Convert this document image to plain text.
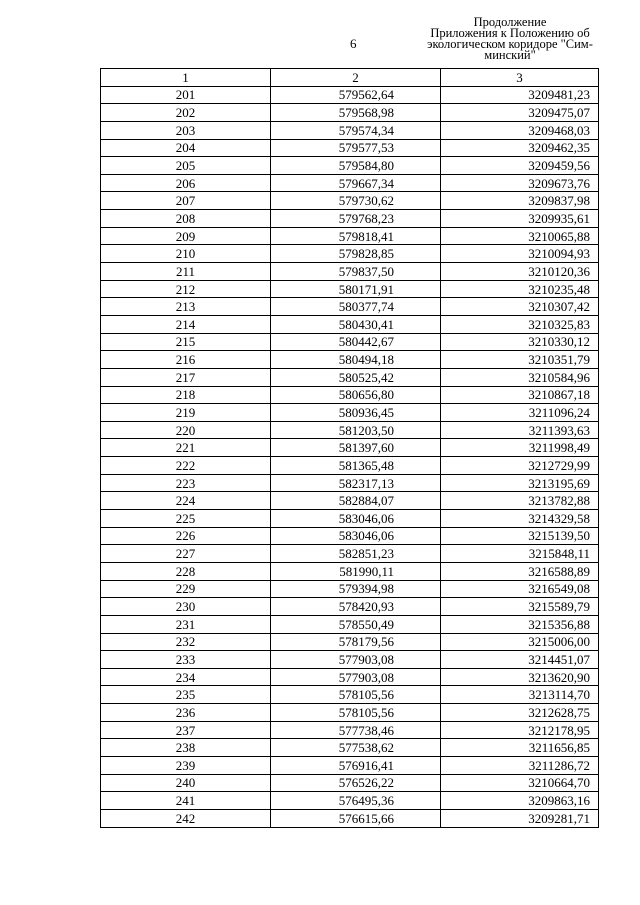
6
Продолжение
Приложения к Положению об
экологическом коридоре "Сим-
минский"
1	2	3
201	579562,64	3209481,23
202	579568,98	3209475,07
203	579574,34	3209468,03
204	579577,53	3209462,35
205	579584,80	3209459,56
206	579667,34	3209673,76
207	579730,62	3209837,98
208	579768,23	3209935,61
209	579818,41	3210065,88
210	579828,85	3210094,93
211	579837,50	3210120,36
212	580171,91	3210235,48
213	580377,74	3210307,42
214	580430,41	3210325,83
215	580442,67	3210330,12
216	580494,18	3210351,79
217	580525,42	3210584,96
218	580656,80	3210867,18
219	580936,45	3211096,24
220	581203,50	3211393,63
221	581397,60	3211998,49
222	581365,48	3212729,99
223	582317,13	3213195,69
224	582884,07	3213782,88
225	583046,06	3214329,58
226	583046,06	3215139,50
227	582851,23	3215848,11
228	581990,11	3216588,89
229	579394,98	3216549,08
230	578420,93	3215589,79
231	578550,49	3215356,88
232	578179,56	3215006,00
233	577903,08	3214451,07
234	577903,08	3213620,90
235	578105,56	3213114,70
236	578105,56	3212628,75
237	577738,46	3212178,95
238	577538,62	3211656,85
239	576916,41	3211286,72
240	576526,22	3210664,70
241	576495,36	3209863,16
242	576615,66	3209281,71
